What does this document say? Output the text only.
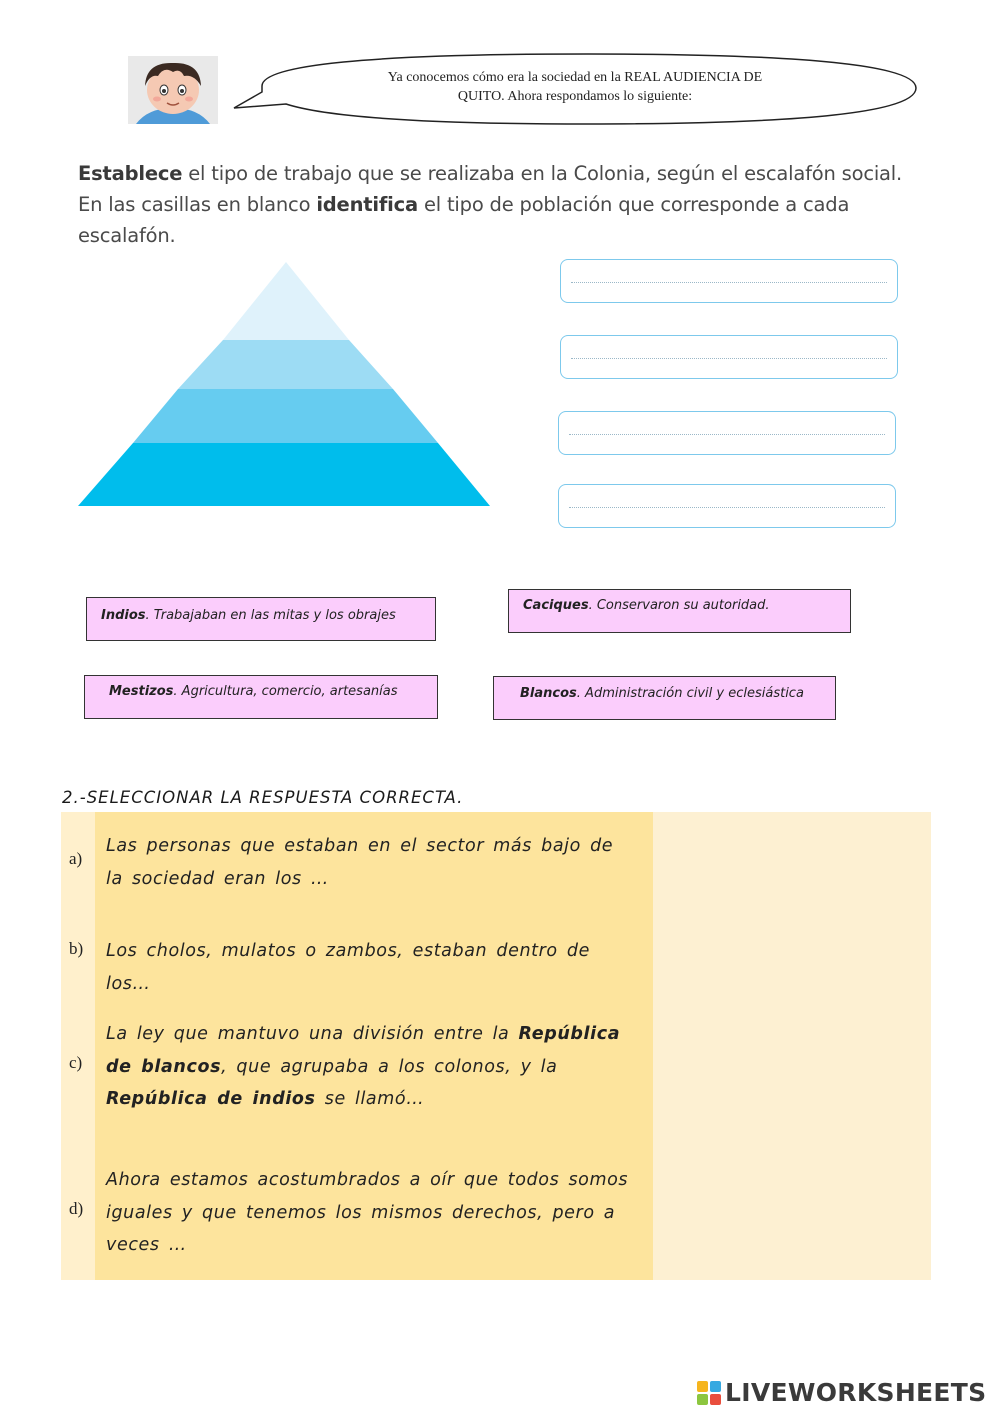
Ya conocemos cómo era la sociedad en la REAL AUDIENCIA DE
QUITO. Ahora respondamos lo siguiente:
Establece el tipo de trabajo que se realizaba en la Colonia, según el escalafón social. En las casillas en blanco identifica el tipo de población que corresponde a cada escalafón.
Indios. Trabajaban en las mitas y los obrajes
Caciques. Conservaron su autoridad.
Mestizos. Agricultura, comercio, artesanías	Blancos. Administración civil y eclesiástica
2.-SELECCIONAR LA RESPUESTA CORRECTA.
a)
Las personas que estaban en el sector más bajo de la sociedad eran los …
b) Los cholos, mulatos o zambos, estaban dentro de los…
c)
La ley que mantuvo una división entre la República de blancos, que agrupaba a los colonos, y la República de indios se llamó…
d)
Ahora estamos acostumbrados a oír que todos somos iguales y que tenemos los mismos derechos, pero a veces …
LIVEWORKSHEETS
